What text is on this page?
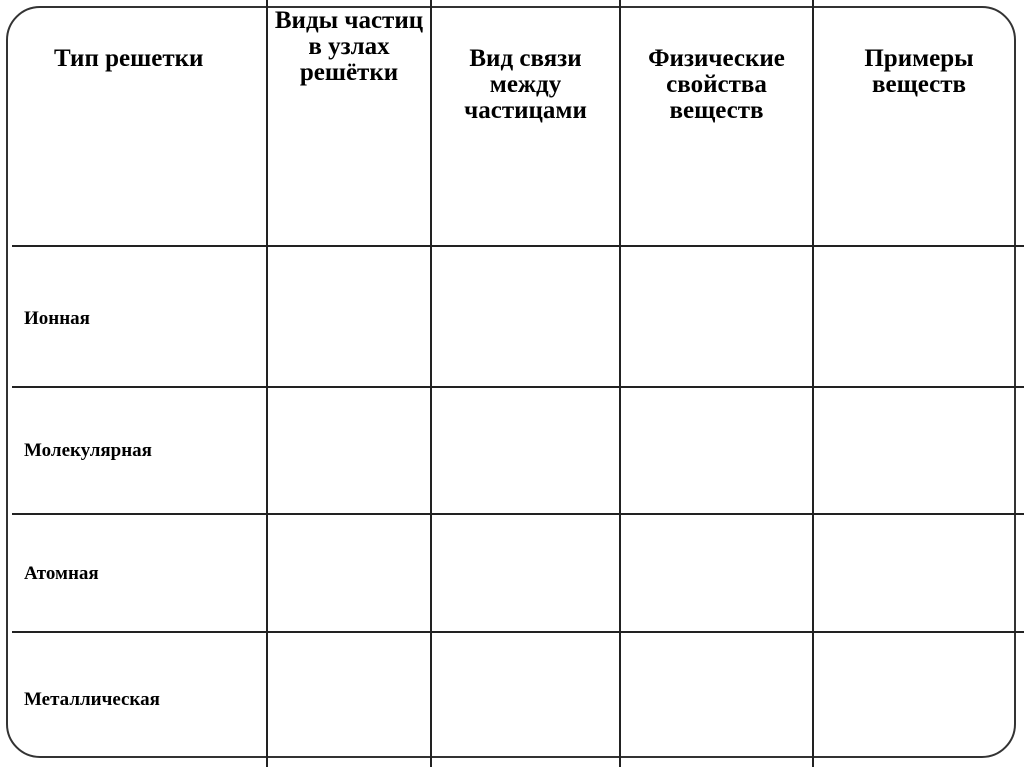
Тип решетки
Виды частиц в узлах решётки
Вид связи между частицами
Физические свойства веществ
Примеры веществ
Ионная
Молекулярная
Атомная
Металлическая
